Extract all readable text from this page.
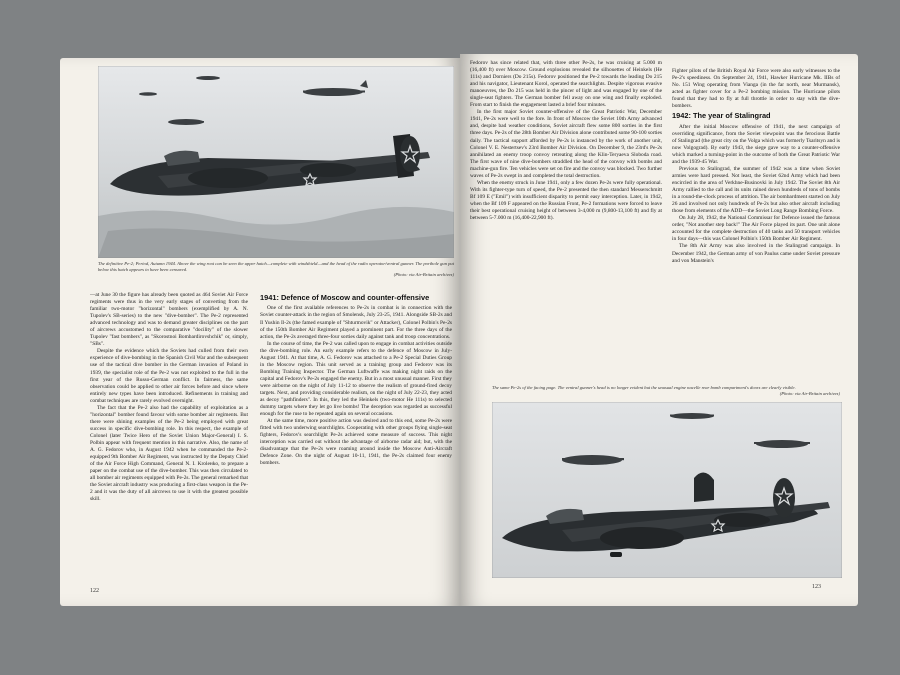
The definitive Pe-2; Period, Autumn 1944. Above the wing root can be seen the upper hatch—complete with windshield—and the head of the radio operator/ventral gunner. The porthole gun put below this hatch appears to have been censored.
(Photo: via Air-Britain archives)

—at June 30 the figure has already been quoted as 464 Soviet Air Force regiments were thus in the very early stages of converting from the familiar two-motor "horizontal" bombers (exemplified by A. N. Tupolev's SB-series) to the new "dive-bomber". The Pe-2 represented advanced technology and was to demand greater disciplines on the part of aircrews accustomed to the comparative "docility" of the slower Tupolev "fast bombers", as "Skorostnoi Bombardirovshchik" or, simply, "SBs".

Despite the evidence which the Soviets had culled from their own experience of dive-bombing in the Spanish Civil War and the subsequent use of the tactical dive bomber in the German invasion of Poland in 1939, the specialist role of the Pe-2 was not exploited to the full in the first year of the Russo-German conflict. In fairness, the same observation could be applied to other air forces before and since where entirely new types have been introduced. Refinements in training and combat techniques are rarely evolved overnight.

The fact that the Pe-2 also had the capability of exploitation as a "horizontal" bomber found favour with some bomber air regiments. But there were shining examples of the Pe-2 being employed with great success in specific dive-bombing role. In this respect, the example of Colonel (later Twice Hero of the Soviet Union Major-General) I. S. Polbin appear with frequent mention in this narrative. Also, the name of A. G. Fedorov who, in August 1942 when he commanded the Pe-2-equipped 9th Bomber Air Regiment, was instructed by the Deputy Chief of the Air Force High Command, General N. I. Kroleнko, to prepare a paper on the combat use of the dive-bomber. This was then circulated to all bomber air regiments equipped with Pe-2s. The general remarked that the Soviet aircraft industry was producing a first-class weapon in the Pe-2 and it was the duty of all aircrews to use it with the greatest possible skill.

1941: Defence of Moscow and counter-offensive

One of the first available references to Pe-2s in combat is in connection with the Soviet counter-attack in the region of Smolensk, July 23-25, 1941. Alongside SB-2s and Il Yushin Il-2s (the famed example of "Shturmovik" or Attacker), Colonel Polbin's Pe-2s of the 150th Bomber Air Regiment played a prominent part. For the three days of the action, the Pe-2s averaged three-four sorties daily against tank and troop concentrations.

In the course of time, the Pe-2 was called upon to engage in combat activities outside the dive-bombing role. An early example refers to the defence of Moscow in July-August 1941. At that time, A. G. Fedorov was attached to a Pe-2 Special Duties Group in the Moscow region. This unit served as a training group and Fedorov was its Bombing Training Inspector. The German Luftwaffe was making night raids on the capital and Fedorov's Pe-2s engaged the enemy. But in a most unusual manner. First they were airborne on the night of July 11-12 to observe the realism of ground-fired decoy targets. Next, and providing considerable realism, on the night of July 22-23, they acted as decoy "pathfinders". In this, they led the Heinkels (two-motor He 111s) to selected dummy targets where they let go live bombs! The deception was regarded as successful enough for the ruse to be repeated again on several occasions.

At the same time, more positive action was desired and to this end, some Pe-2s were fitted with two underwing searchlights. Cooperating with other groups flying single-seat fighters, Fedorov's searchlight Pe-2s achieved some measure of success. This night interception was carried out without the advantage of airborne radar aid; but, with the disadvantage that the Pe-2s were roaming around inside the Moscow Anti-Aircraft Defence Zone. On the night of August 10-11, 1941, the Pe-2s claimed four enemy bombers.

122

Fedorov has since related that, with three other Pe-2s, he was cruising at 5.000 m (16,400 ft) over Moscow. Ground explosions revealed the silhouettes of Heinkels (He 111s) and Dorniers (Do 215s). Fedorov positioned the Pe-2 towards the leading Do 215 and his navigator, Lieutenant Korol, operated the searchlights. Despite vigorous evasive manoeuvres, the Do 215 was held in the pincer of light and was engaged by one of the single-seat fighters. The German bomber fell away on one wing and finally exploded. From start to finish the engagement lasted a brief four minutes.

In the first major Soviet counter-offensive of the Great Patriotic War, December 1941, Pe-2s were well to the fore. In front of Moscow the Soviet 10th Army advanced and, despite bad weather conditions, Soviet aircraft flew some 800 sorties in the first three days. Pe-2s of the 28th Bomber Air Division alone contributed some 90-100 sorties daily. The tactical support afforded by Pe-2s is instanced by the work of another unit, Colonel V. E. Nestertsev's 23rd Bomber Air Division. On December 9, the 23rd's Pe-2s annihilated an enemy troop convoy retreating along the Klin-Teryaeva Sloboda road. The first wave of nine dive-bombers straddled the head of the convoy with bombs and machine-gun fire. Ten vehicles were set on fire and the convoy was blocked. Two further waves of Pe-2s swept in and completed the total destruction.

When the enemy struck in June 1941, only a few dozen Pe-2s were fully operational. With its fighter-type turn of speed, the Pe-2 presented the then standard Messerschmitt Bf 109 E ("Emil") with insufficient disparity to permit easy interception. Later, in 1942, when the Bf 109 F appeared on the Russian Front, Pe-2 formations were forced to leave their best operational cruising height of between 3-4,000 m (9,800-13,100 ft) and fly at between 5-7.000 m (16,400-22,900 ft).

Fighter pilots of the British Royal Air Force were also early witnesses to the Pe-2's speediness. On September 24, 1941, Hawker Hurricane Mk. IIBs of No. 151 Wing operating from Vianga (in the far north, near Murmansk), acted as fighter cover for a Pe-2 bombing mission. The Hurricane pilots found that they had to fly at full throttle in order to stay with the dive-bombers.

1942: The year of Stalingrad

After the initial Moscow offensive of 1941, the next campaign of overriding significance, from the Soviet viewpoint was the ferocious Battle of Stalingrad (the great city on the Volga which was formerly Tsaritsyn and is now Volgograd). By early 1943, the siege gave way to a counter-offensive which marked a turning-point in the outcome of both the Great Patriotic War and the 1939-45 War.

Previous to Stalingrad, the summer of 1942 was a time when Soviet armies were hard pressed. Not least, the Soviet 62nd Army which had been encircled in the area of Verkhne-Businovki in July 1942. The Soviet 8th Air Army rallied to the call and its units rained down hundreds of tons of bombs in a round-the-clock process of attrition. The air bombardment started on July 26 and involved not only hundreds of Pe-2s but also other aircraft including those from elements of the ADD—the Soviet Long Range Bombing Force.

On July 28, 1942, the National Commissar for Defence issued the famous order, "Not another step back!" The Air Force played its part. One unit alone accounted for the complete destruction of 40 tanks and 50 transport vehicles in four days—this was Colonel Polbin's 150th Bomber Air Regiment.

The 8th Air Army was also involved in the Stalingrad campaign. In December 1942, the German army of von Paulus came under Soviet pressure and von Manstein's

The same Pe-2s of the facing page. The ventral gunner's head is no longer evident but the unusual engine nacelle rear bomb compartment's doors are clearly visible.
(Photo: via Air-Britain archives)
123
